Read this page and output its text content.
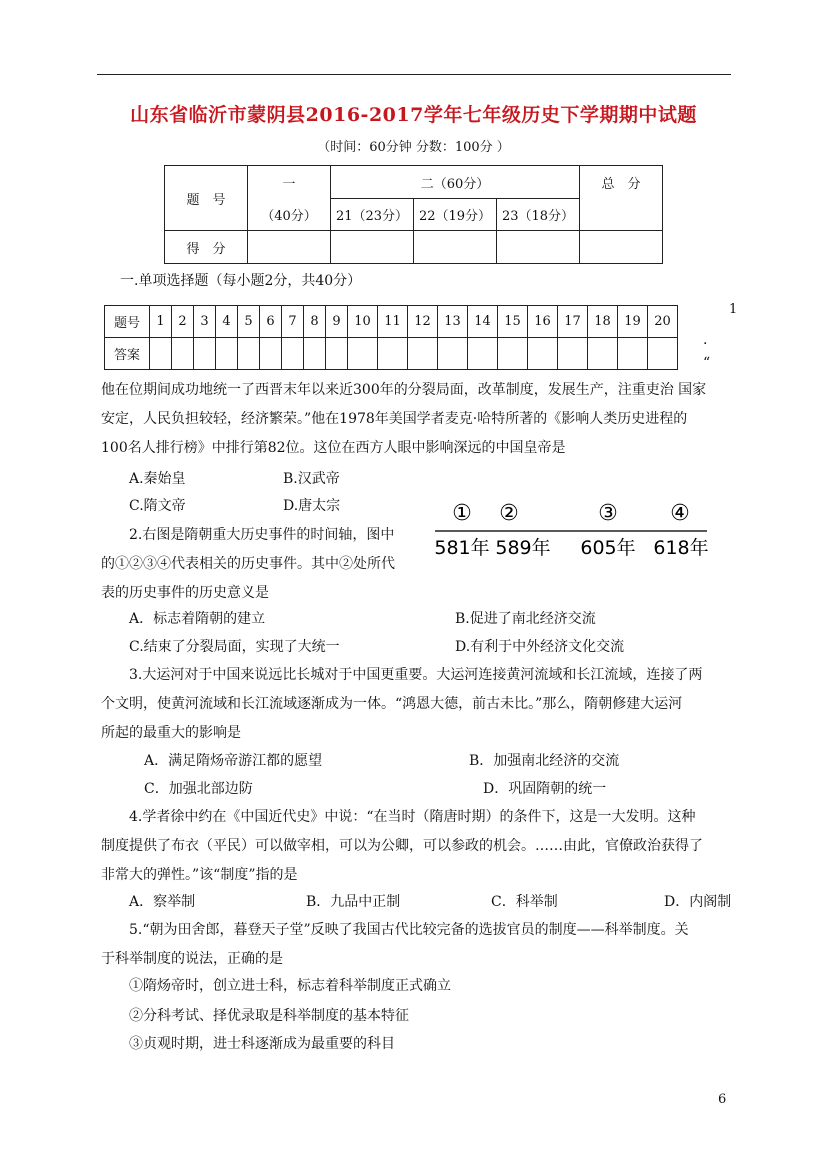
山东省临沂市蒙阴县2016-2017学年七年级历史下学期期中试题
（时间：60分钟 分数：100分 ）
题　号	一	二（60分）			总　分
	（40分）	21（23分）	22（19分）	23（18分）	
得　分					
一.单项选择题（每小题2分，共40分）
题号	1	2	3	4	5	6	7	8	9	10	11	12	13	14	15	16	17	18	19	20
答案																				
1
.
“
他在位期间成功地统一了西晋末年以来近300年的分裂局面，改革制度，发展生产，注重吏治 国家
安定，人民负担较轻，经济繁荣。”他在1978年美国学者麦克·哈特所著的《影响人类历史进程的
100名人排行榜》中排行第82位。这位在西方人眼中影响深远的中国皇帝是
A.秦始皇	B.汉武帝
C.隋文帝	D.唐太宗
2.右图是隋朝重大历史事件的时间轴，图中
的①②③④代表相关的历史事件。其中②处所代
表的历史事件的历史意义是
① ②	③ ④
581年 589年 605年 618年
A．标志着隋朝的建立	B.促进了南北经济交流
C.结束了分裂局面，实现了大统一	D.有利于中外经济文化交流
3.大运河对于中国来说远比长城对于中国更重要。大运河连接黄河流域和长江流域，连接了两
个文明，使黄河流域和长江流域逐渐成为一体。“鸿恩大德，前古未比。”那么，隋朝修建大运河
所起的最重大的影响是
A．满足隋炀帝游江都的愿望	B．加强南北经济的交流
C．加强北部边防	D．巩固隋朝的统一
4.学者徐中约在《中国近代史》中说：“在当时（隋唐时期）的条件下，这是一大发明。这种
制度提供了布衣（平民）可以做宰相，可以为公卿，可以参政的机会。……由此，官僚政治获得了
非常大的弹性。”该“制度”指的是
A．察举制	B．九品中正制	C．科举制	D．内阁制
5.“朝为田舍郎，暮登天子堂”反映了我国古代比较完备的选拔官员的制度——科举制度。关
于科举制度的说法，正确的是
①隋炀帝时，创立进士科，标志着科举制度正式确立
②分科考试、择优录取是科举制度的基本特征
③贞观时期，进士科逐渐成为最重要的科目
6
